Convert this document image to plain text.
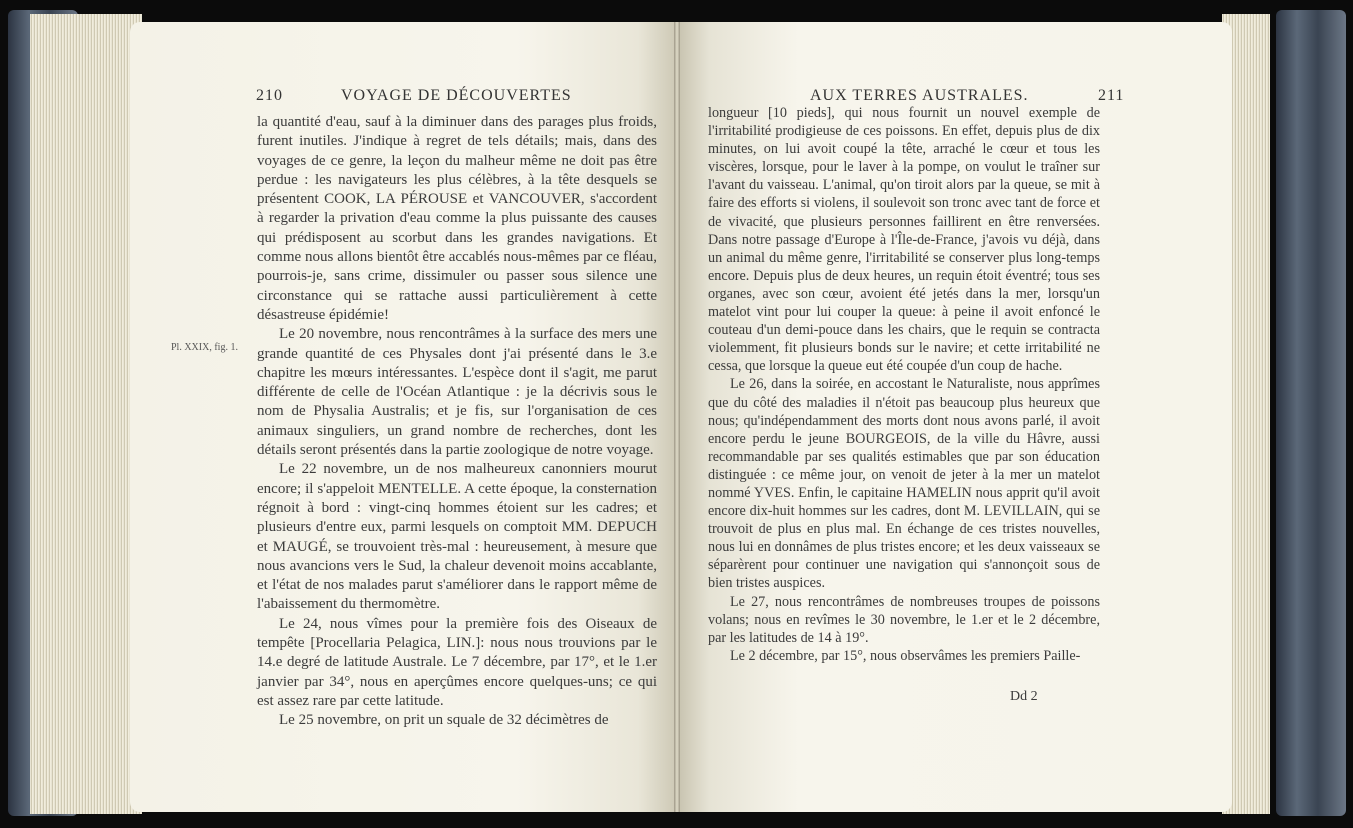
210	VOYAGE DE DÉCOUVERTES	AUX TERRES AUSTRALES.	211
Pl. XXIX, fig. 1.

la quantité d'eau, sauf à la diminuer dans des parages plus froids, furent inutiles. J'indique à regret de tels détails; mais, dans des voyages de ce genre, la leçon du malheur même ne doit pas être perdue : les navigateurs les plus célèbres, à la tête desquels se présentent COOK, LA PÉROUSE et VANCOUVER, s'accordent à regarder la privation d'eau comme la plus puissante des causes qui prédisposent au scorbut dans les grandes navigations. Et comme nous allons bientôt être accablés nous-mêmes par ce fléau, pourrois-je, sans crime, dissimuler ou passer sous silence une circonstance qui se rattache aussi particulièrement à cette désastreuse épidémie!

Le 20 novembre, nous rencontrâmes à la surface des mers une grande quantité de ces Physales dont j'ai présenté dans le 3.e chapitre les mœurs intéressantes. L'espèce dont il s'agit, me parut différente de celle de l'Océan Atlantique : je la décrivis sous le nom de Physalia Australis; et je fis, sur l'organisation de ces animaux singuliers, un grand nombre de recherches, dont les détails seront présentés dans la partie zoologique de notre voyage.

Le 22 novembre, un de nos malheureux canonniers mourut encore; il s'appeloit MENTELLE. A cette époque, la consternation régnoit à bord : vingt-cinq hommes étoient sur les cadres; et plusieurs d'entre eux, parmi lesquels on comptoit MM. DEPUCH et MAUGÉ, se trouvoient très-mal : heureusement, à mesure que nous avancions vers le Sud, la chaleur devenoit moins accablante, et l'état de nos malades parut s'améliorer dans le rapport même de l'abaissement du thermomètre.

Le 24, nous vîmes pour la première fois des Oiseaux de tempête [Procellaria Pelagica, LIN.]: nous nous trouvions par le 14.e degré de latitude Australe. Le 7 décembre, par 17°, et le 1.er janvier par 34°, nous en aperçûmes encore quelques-uns; ce qui est assez rare par cette latitude.

Le 25 novembre, on prit un squale de 32 décimètres de

longueur [10 pieds], qui nous fournit un nouvel exemple de l'irritabilité prodigieuse de ces poissons. En effet, depuis plus de dix minutes, on lui avoit coupé la tête, arraché le cœur et tous les viscères, lorsque, pour le laver à la pompe, on voulut le traîner sur l'avant du vaisseau. L'animal, qu'on tiroit alors par la queue, se mit à faire des efforts si violens, il soulevoit son tronc avec tant de force et de vivacité, que plusieurs personnes faillirent en être renversées. Dans notre passage d'Europe à l'Île-de-France, j'avois vu déjà, dans un animal du même genre, l'irritabilité se conserver plus long-temps encore. Depuis plus de deux heures, un requin étoit éventré; tous ses organes, avec son cœur, avoient été jetés dans la mer, lorsqu'un matelot vint pour lui couper la queue: à peine il avoit enfoncé le couteau d'un demi-pouce dans les chairs, que le requin se contracta violemment, fit plusieurs bonds sur le navire; et cette irritabilité ne cessa, que lorsque la queue eut été coupée d'un coup de hache.

Le 26, dans la soirée, en accostant le Naturaliste, nous apprîmes que du côté des maladies il n'étoit pas beaucoup plus heureux que nous; qu'indépendamment des morts dont nous avons parlé, il avoit encore perdu le jeune BOURGEOIS, de la ville du Hâvre, aussi recommandable par ses qualités estimables que par son éducation distinguée : ce même jour, on venoit de jeter à la mer un matelot nommé YVES. Enfin, le capitaine HAMELIN nous apprit qu'il avoit encore dix-huit hommes sur les cadres, dont M. LEVILLAIN, qui se trouvoit de plus en plus mal. En échange de ces tristes nouvelles, nous lui en donnâmes de plus tristes encore; et les deux vaisseaux se séparèrent pour continuer une navigation qui s'annonçoit sous de bien tristes auspices.

Le 27, nous rencontrâmes de nombreuses troupes de poissons volans; nous en revîmes le 30 novembre, le 1.er et le 2 décembre, par les latitudes de 14 à 19°.

Le 2 décembre, par 15°, nous observâmes les premiers Paille-

Dd 2
